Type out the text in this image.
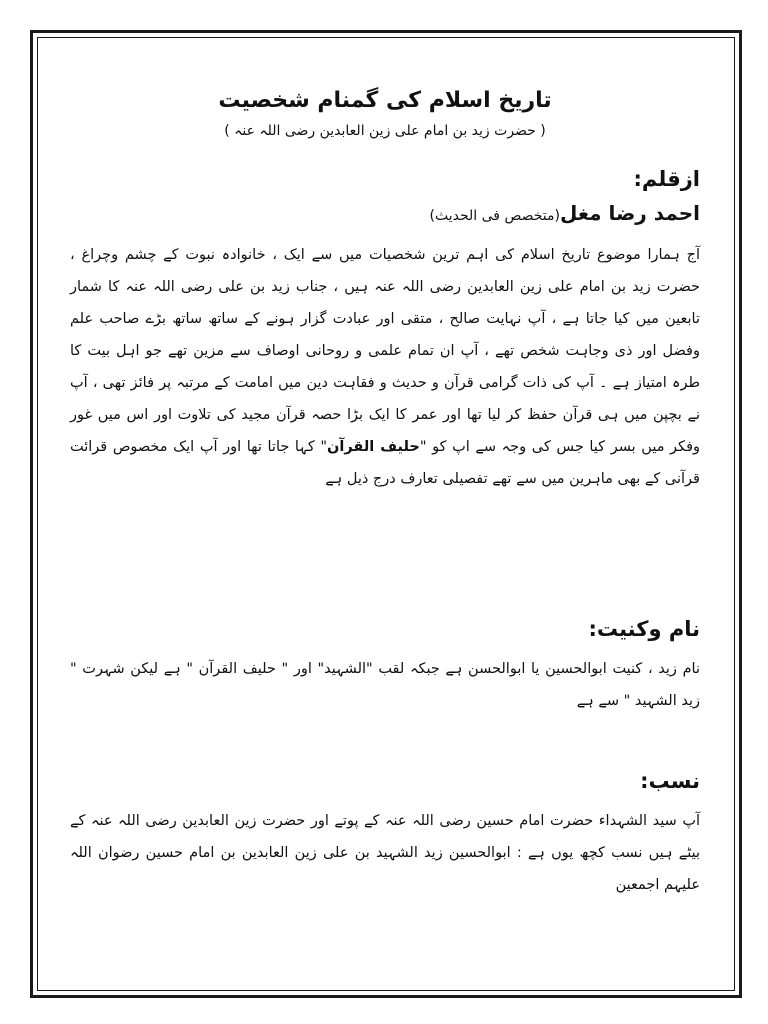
تاریخ اسلام کی گمنام شخصیت
( حضرت زید بن امام علی زین العابدین رضی اللہ عنہ )
ازقلم:
احمد رضا مغل(متخصص فی الحدیث)

آج ہمارا موضوع تاریخ اسلام کی اہم ترین شخصیات میں سے ایک ، خانوادہ نبوت کے چشم وچراغ ، حضرت زید بن امام علی زین العابدین رضی اللہ عنہ ہیں ، جناب زید بن علی رضی اللہ عنہ کا شمار تابعین میں کیا جاتا ہے ، آپ نہایت صالح ، متقی اور عبادت گزار ہونے کے ساتھ ساتھ بڑے صاحب علم وفضل اور ذی وجاہت شخص تھے ، آپ ان تمام علمی و روحانی اوصاف سے مزین تھے جو اہل بیت کا طرہ امتیاز ہے ۔ آپ کی ذات گرامی قرآن و حدیث و فقاہت دین میں امامت کے مرتبہ پر فائز تھی ، آپ نے بچپن میں ہی قرآن حفظ کر لیا تھا اور عمر کا ایک بڑا حصہ قرآن مجید کی تلاوت اور اس میں غور وفکر میں بسر کیا جس کی وجہ سے اپ کو "حلیف القرآن" کہا جاتا تھا اور آپ ایک مخصوص قرائت قرآنی کے بھی ماہرین میں سے تھے تفصیلی تعارف درج ذیل ہے

نام وکنیت:

نام زید ، کنیت ابوالحسین یا ابوالحسن ہے جبکہ لقب "الشہید" اور " حلیف القرآن " ہے لیکن شہرت " زید الشہید " سے ہے

نسب:

آپ سید الشہداء حضرت امام حسین رضی اللہ عنہ کے پوتے اور حضرت زین العابدین رضی اللہ عنہ کے بیٹے ہیں نسب کچھ یوں ہے : ابوالحسین زید الشہید بن علی زین العابدین بن امام حسین رضوان اللہ علیہم اجمعین
